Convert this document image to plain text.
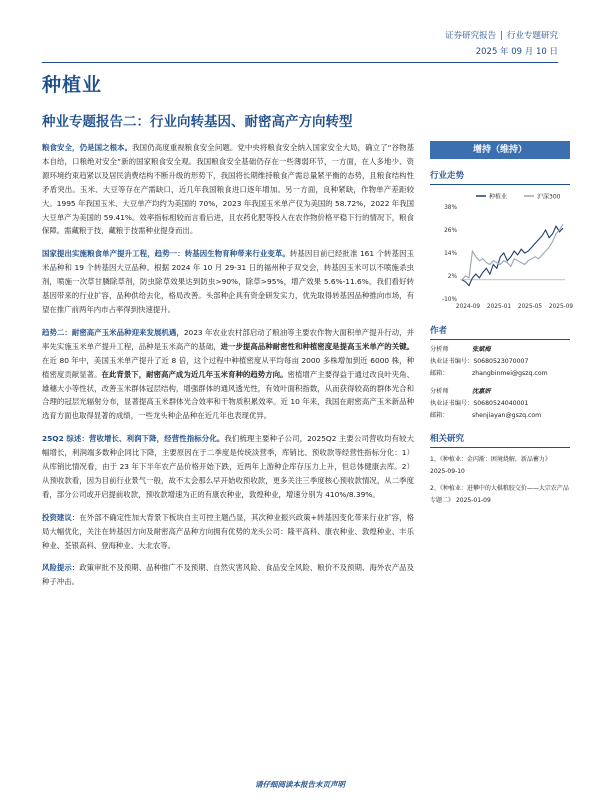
证券研究报告 | 行业专题研究
2025 年 09 月 10 日
种植业
种业专题报告二：行业向转基因、耐密高产方向转型

粮食安全，仍是国之根本。我国仍高度重视粮食安全问题。党中央将粮食安全纳入国家安全大局，确立了“谷物基本自给，口粮绝对安全”新的国家粮食安全观。我国粮食安全基础仍存在一些薄弱环节，一方面，在人多地少、资源环境约束趋紧以及居民消费结构不断升级的形势下，我国将长期维持粮食产需总量紧平衡的态势，且粮食结构性矛盾突出。玉米、大豆等存在产需缺口，近几年我国粮食进口逐年增加。另一方面，良种紧缺，作物单产差距较大。1995 年我国玉米、大豆单产均约为美国的 70%，2023 年我国玉米单产仅为美国的 58.72%，2022 年我国大豆单产为美国的 59.41%。效率指标相较而言看后进，且农药化肥等投入在农作物价格平稳下行的情况下，粮食保障。需藏粮于技，藏粮于技需种业提身而出。

国家提出实施粮食单产提升工程，趋势一：转基因生物育种带来行业变革。转基因目前已经批准 161 个转基因玉米品种和 19 个转基因大豆品种。根据 2024 年 10 月 29-31 日的福州种子双交会，转基因玉米可以不喷施杀虫剂，喷施一次草甘膦除草剂，防虫除草效果达到防虫>90%，除草>95%，增产效果 5.6%-11.6%。我们看好转基因带来的行业扩容，品种供给去化，格局改善。头部种企具有资金研发实力，优先取得转基因品种推向市场，有望在推广前两年内市占率得到快速提升。

趋势二：耐密高产玉米品种迎来发展机遇，2023 年农业农村部启动了粮油等主要农作物大面积单产提升行动，并率先实施玉米单产提升工程，品种是玉米高产的基础，进一步提高品种耐密性和种植密度是提高玉米单产的关键。在近 80 年中，美国玉米单产提升了近 8 倍，这个过程中种植密度从平均每亩 2000 多株增加到近 6000 株，种植密度贡献显著。在此背景下，耐密高产成为近几年玉米育种的趋势方向。密植增产主要得益于通过改良叶夹角、雄穗大小等性状，改善玉米群体冠层结构，增强群体的通风透光性，有效叶面积指数，从而获得较高的群体光合和合理的冠层光辐射分布，显著提高玉米群体光合效率和干物质积累效率。近 10 年来，我国在耐密高产玉米新品种选育方面也取得显著的成绩，一些龙头种企品种在近几年也表现优异。

25Q2 综述：营收增长、利润下降，经营性指标分化。我们梳理主要种子公司，2025Q2 主要公司营收均有较大幅增长，利润端多数种企同比下降，主要原因在于二季度是传统淡营季，库销比、预收款等经营性指标分化：1）从库销比情况看，由于 23 年下半年农产品价格开始下跌，近两年上游种企库存压力上升，但总体健康去库。2）从预收款看，因为目前行业景气一般，故不太会那么早开始收预收款，更多关注三季度核心预收款情况，从二季度看，部分公司或开启提前收款，预收款增速为正的有康农种业，敦煌种业，增速分别为 410%/8.39%。

投资建议：在外部不确定性加大背景下板块自主可控主题凸显，其次种业振兴政策+转基因变化带来行业扩容，格局大幅优化，关注在转基因方向及耐密高产品种方向拥有优势的龙头公司：隆平高科、康农种业、敦煌种业、丰乐种业、荃银高科、登海种业、大北农等。

风险提示：政策审批不及预期、品种推广不及预期、自然灾害风险、食品安全风险、粮价不及预期、海外农产品及种子冲击。

增持（维持）
行业走势
种植业	沪深300
-10%
2%
14%
26%
38%
2024-09 2025-01 2025-05 2025-09
作者
分析师	张斌梅
执业证书编号：S0680523070007
邮箱：	zhangbinmei@gszq.com
分析师	沈嘉妍
执业证书编号：S0680524040001
邮箱：	shenjiayan@gszq.com
相关研究
1、《种植业：金闪渐：困境烧解，新品蓄力》 2025-09-10
2、《种植业：进攀中的大棋粮胶交价——大宗农产品专题二》 2025-01-09
请仔细阅读本报告末页声明
